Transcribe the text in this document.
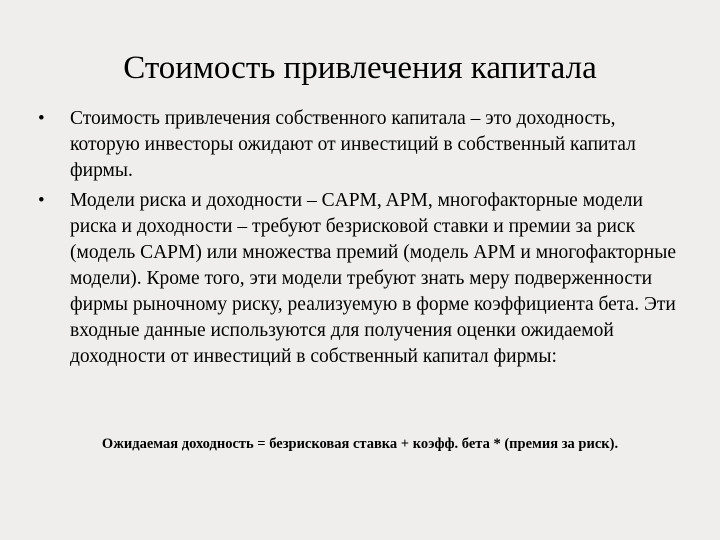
Стоимость привлечения капитала
• Стоимость привлечения собственного капитала – это доходность, которую инвесторы ожидают от инвестиций в собственный капитал фирмы.
• Модели риска и доходности – CAPM, APM, многофакторные модели риска и доходности – требуют безрисковой ставки и премии за риск (модель CAPM) или множества премий (модель APM и многофакторные модели). Кроме того, эти модели требуют знать меру подверженности фирмы рыночному риску, реализуемую в форме коэффициента бета. Эти входные данные используются для получения оценки ожидаемой доходности от инвестиций в собственный капитал фирмы:

Ожидаемая доходность = безрисковая ставка + коэфф. бета * (премия за риск).
